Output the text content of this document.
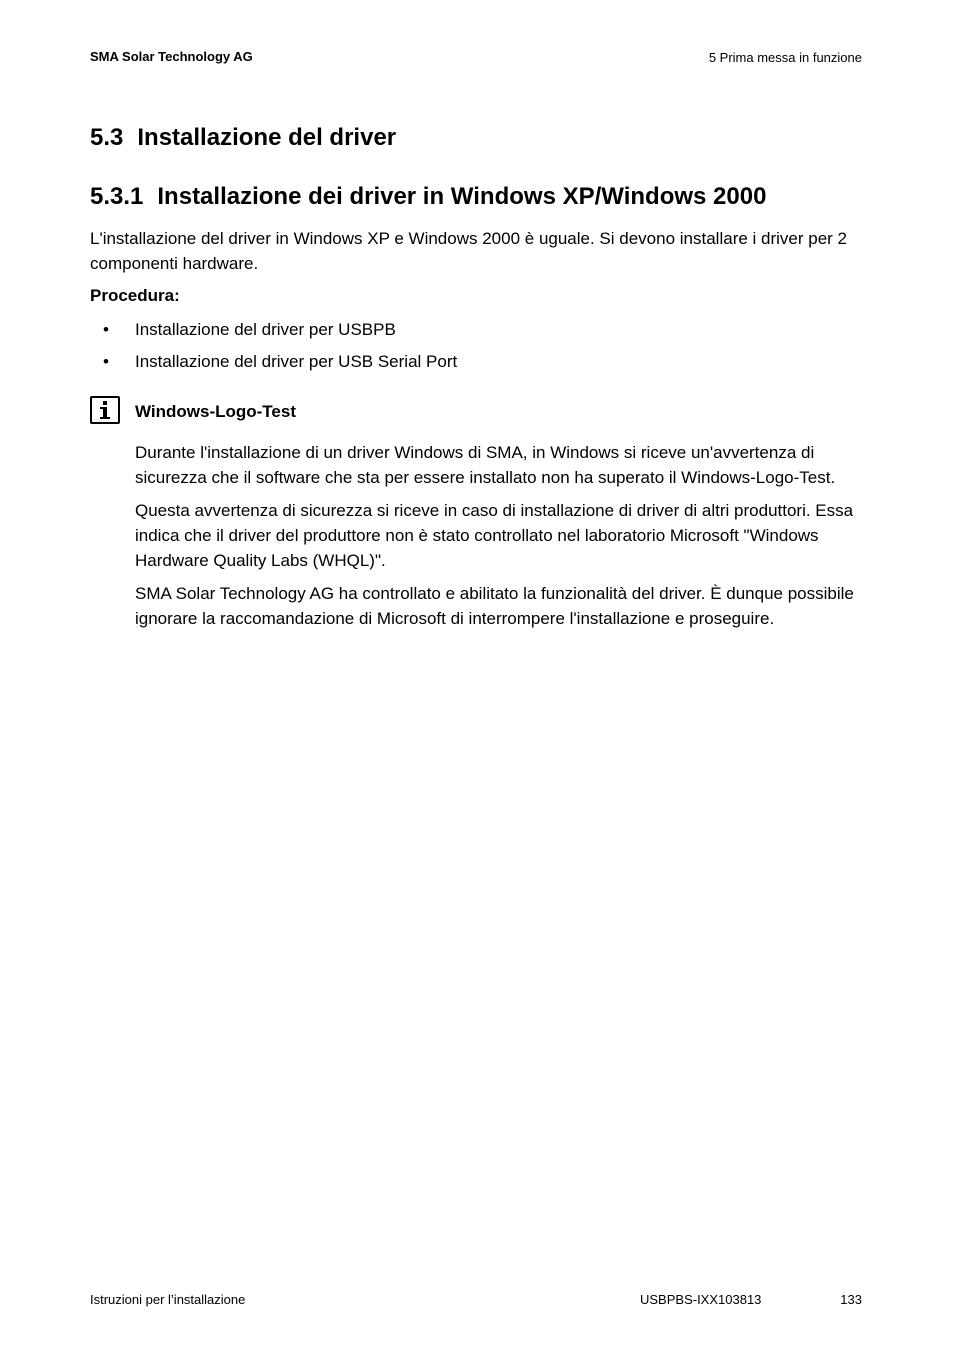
SMA Solar Technology AG	5 Prima messa in funzione
5.3 Installazione del driver
5.3.1 Installazione dei driver in Windows XP/Windows 2000

L'installazione del driver in Windows XP e Windows 2000 è uguale. Si devono installare i driver per 2 componenti hardware.

Procedura:

• Installazione del driver per USBPB
• Installazione del driver per USB Serial Port

Windows-Logo-Test

Durante l'installazione di un driver Windows di SMA, in Windows si riceve un'avvertenza di sicurezza che il software che sta per essere installato non ha superato il Windows-Logo-Test.

Questa avvertenza di sicurezza si riceve in caso di installazione di driver di altri produttori. Essa indica che il driver del produttore non è stato controllato nel laboratorio Microsoft "Windows Hardware Quality Labs (WHQL)".

SMA Solar Technology AG ha controllato e abilitato la funzionalità del driver. È dunque possibile ignorare la raccomandazione di Microsoft di interrompere l'installazione e proseguire.

Istruzioni per l’installazione	USBPBS-IXX103813	133
